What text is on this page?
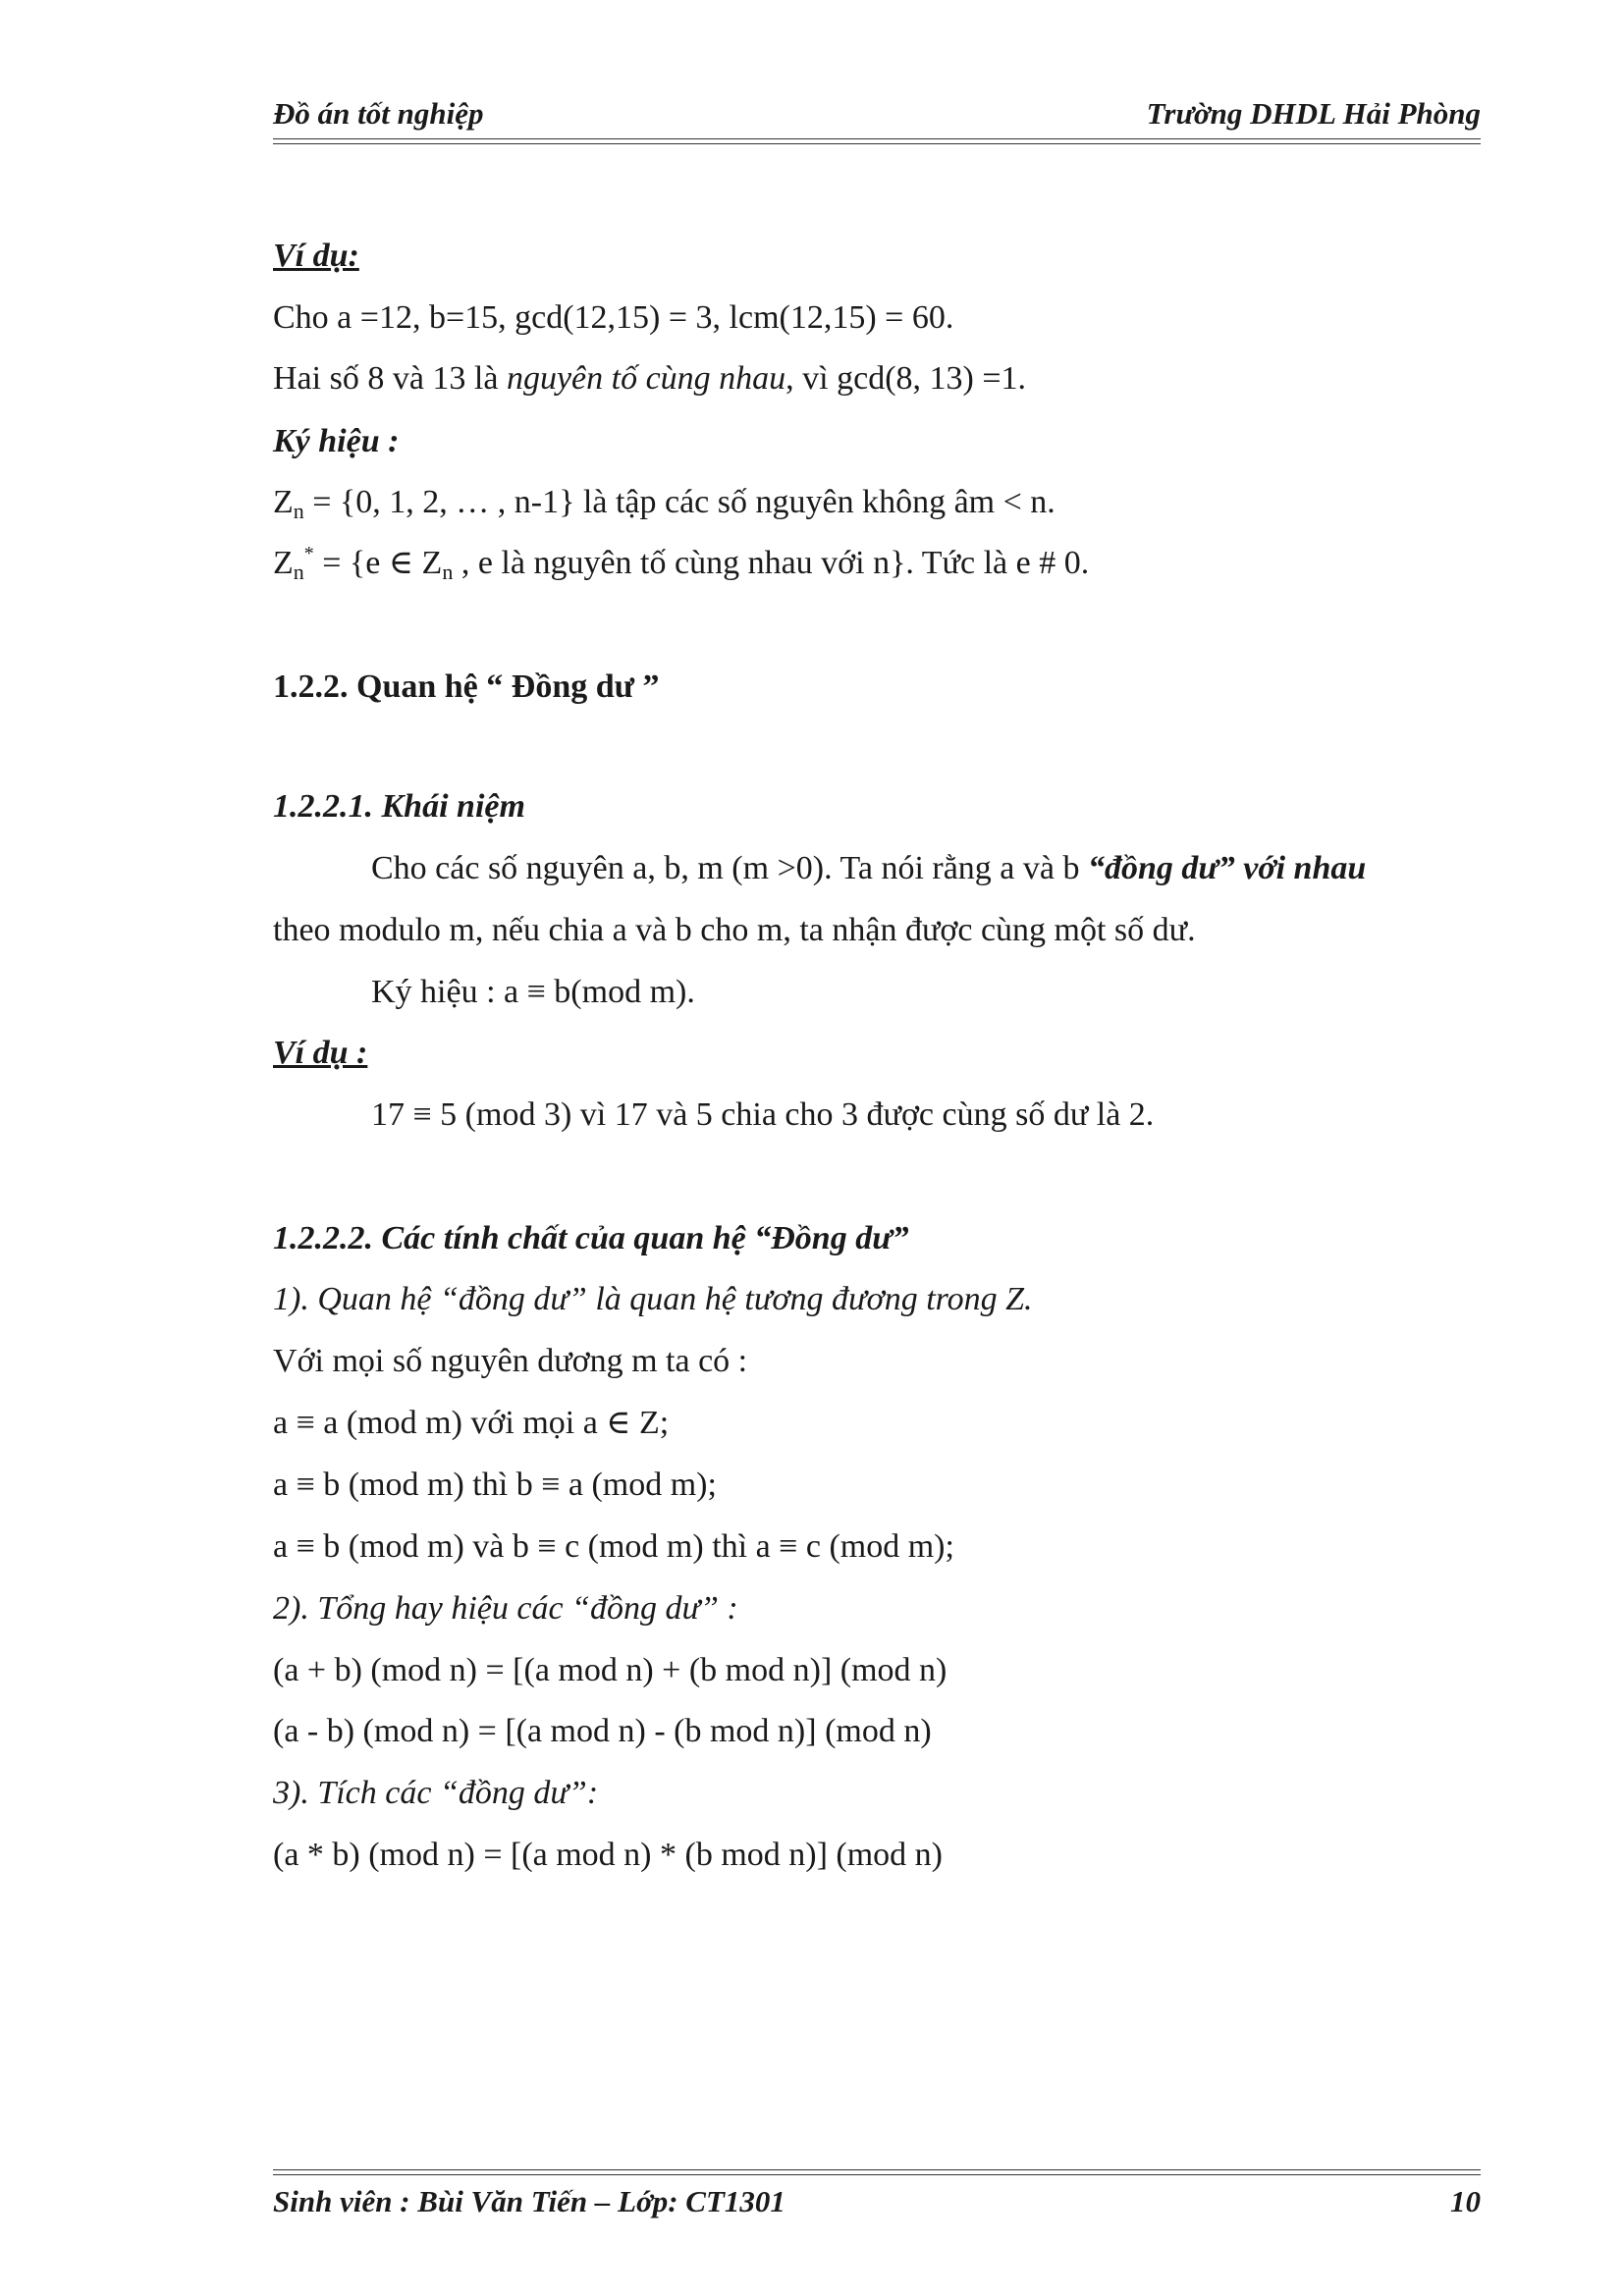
Đồ án tốt nghiệp	Trường DHDL Hải Phòng
Ví dụ:
Cho a =12, b=15, gcd(12,15) = 3, lcm(12,15) = 60.
Hai số 8 và 13 là nguyên tố cùng nhau, vì gcd(8, 13) =1.
Ký hiệu :
$Z_n = \{0$, 1, 2, … , n-1} là tập các số nguyên không âm < n.
$Z_n^* = \{e$ ∈ $Z_n$ , e là nguyên tố cùng nhau với n}. Tức là e # 0.
1.2.2. Quan hệ “ Đồng dư ”
1.2.2.1. Khái niệm
Cho các số nguyên a, b, m (m >0). Ta nói rằng a và b “đồng dư” với nhau
theo modulo m, nếu chia a và b cho m, ta nhận được cùng một số dư.
Ký hiệu : a ≡ b(mod m).
Ví dụ :
17 ≡ 5 (mod 3) vì 17 và 5 chia cho 3 được cùng số dư là 2.
1.2.2.2. Các tính chất của quan hệ “Đồng dư”
1). Quan hệ “đồng dư” là quan hệ tương đương trong Z.
Với mọi số nguyên dương m ta có :
a ≡ a (mod m) với mọi a ∈ Z;
a ≡ b (mod m) thì b ≡ a (mod m);
a ≡ b (mod m) và b ≡ c (mod m) thì a ≡ c (mod m);
2). Tổng hay hiệu các “đồng dư” :
(a + b) (mod n) = [(a mod n) + (b mod n)] (mod n)
(a - b) (mod n) = [(a mod n) - (b mod n)] (mod n)
3). Tích các “đồng dư”:
(a * b) (mod n) = [(a mod n) * (b mod n)] (mod n)
Sinh viên : Bùi Văn Tiến – Lớp: CT1301	10
